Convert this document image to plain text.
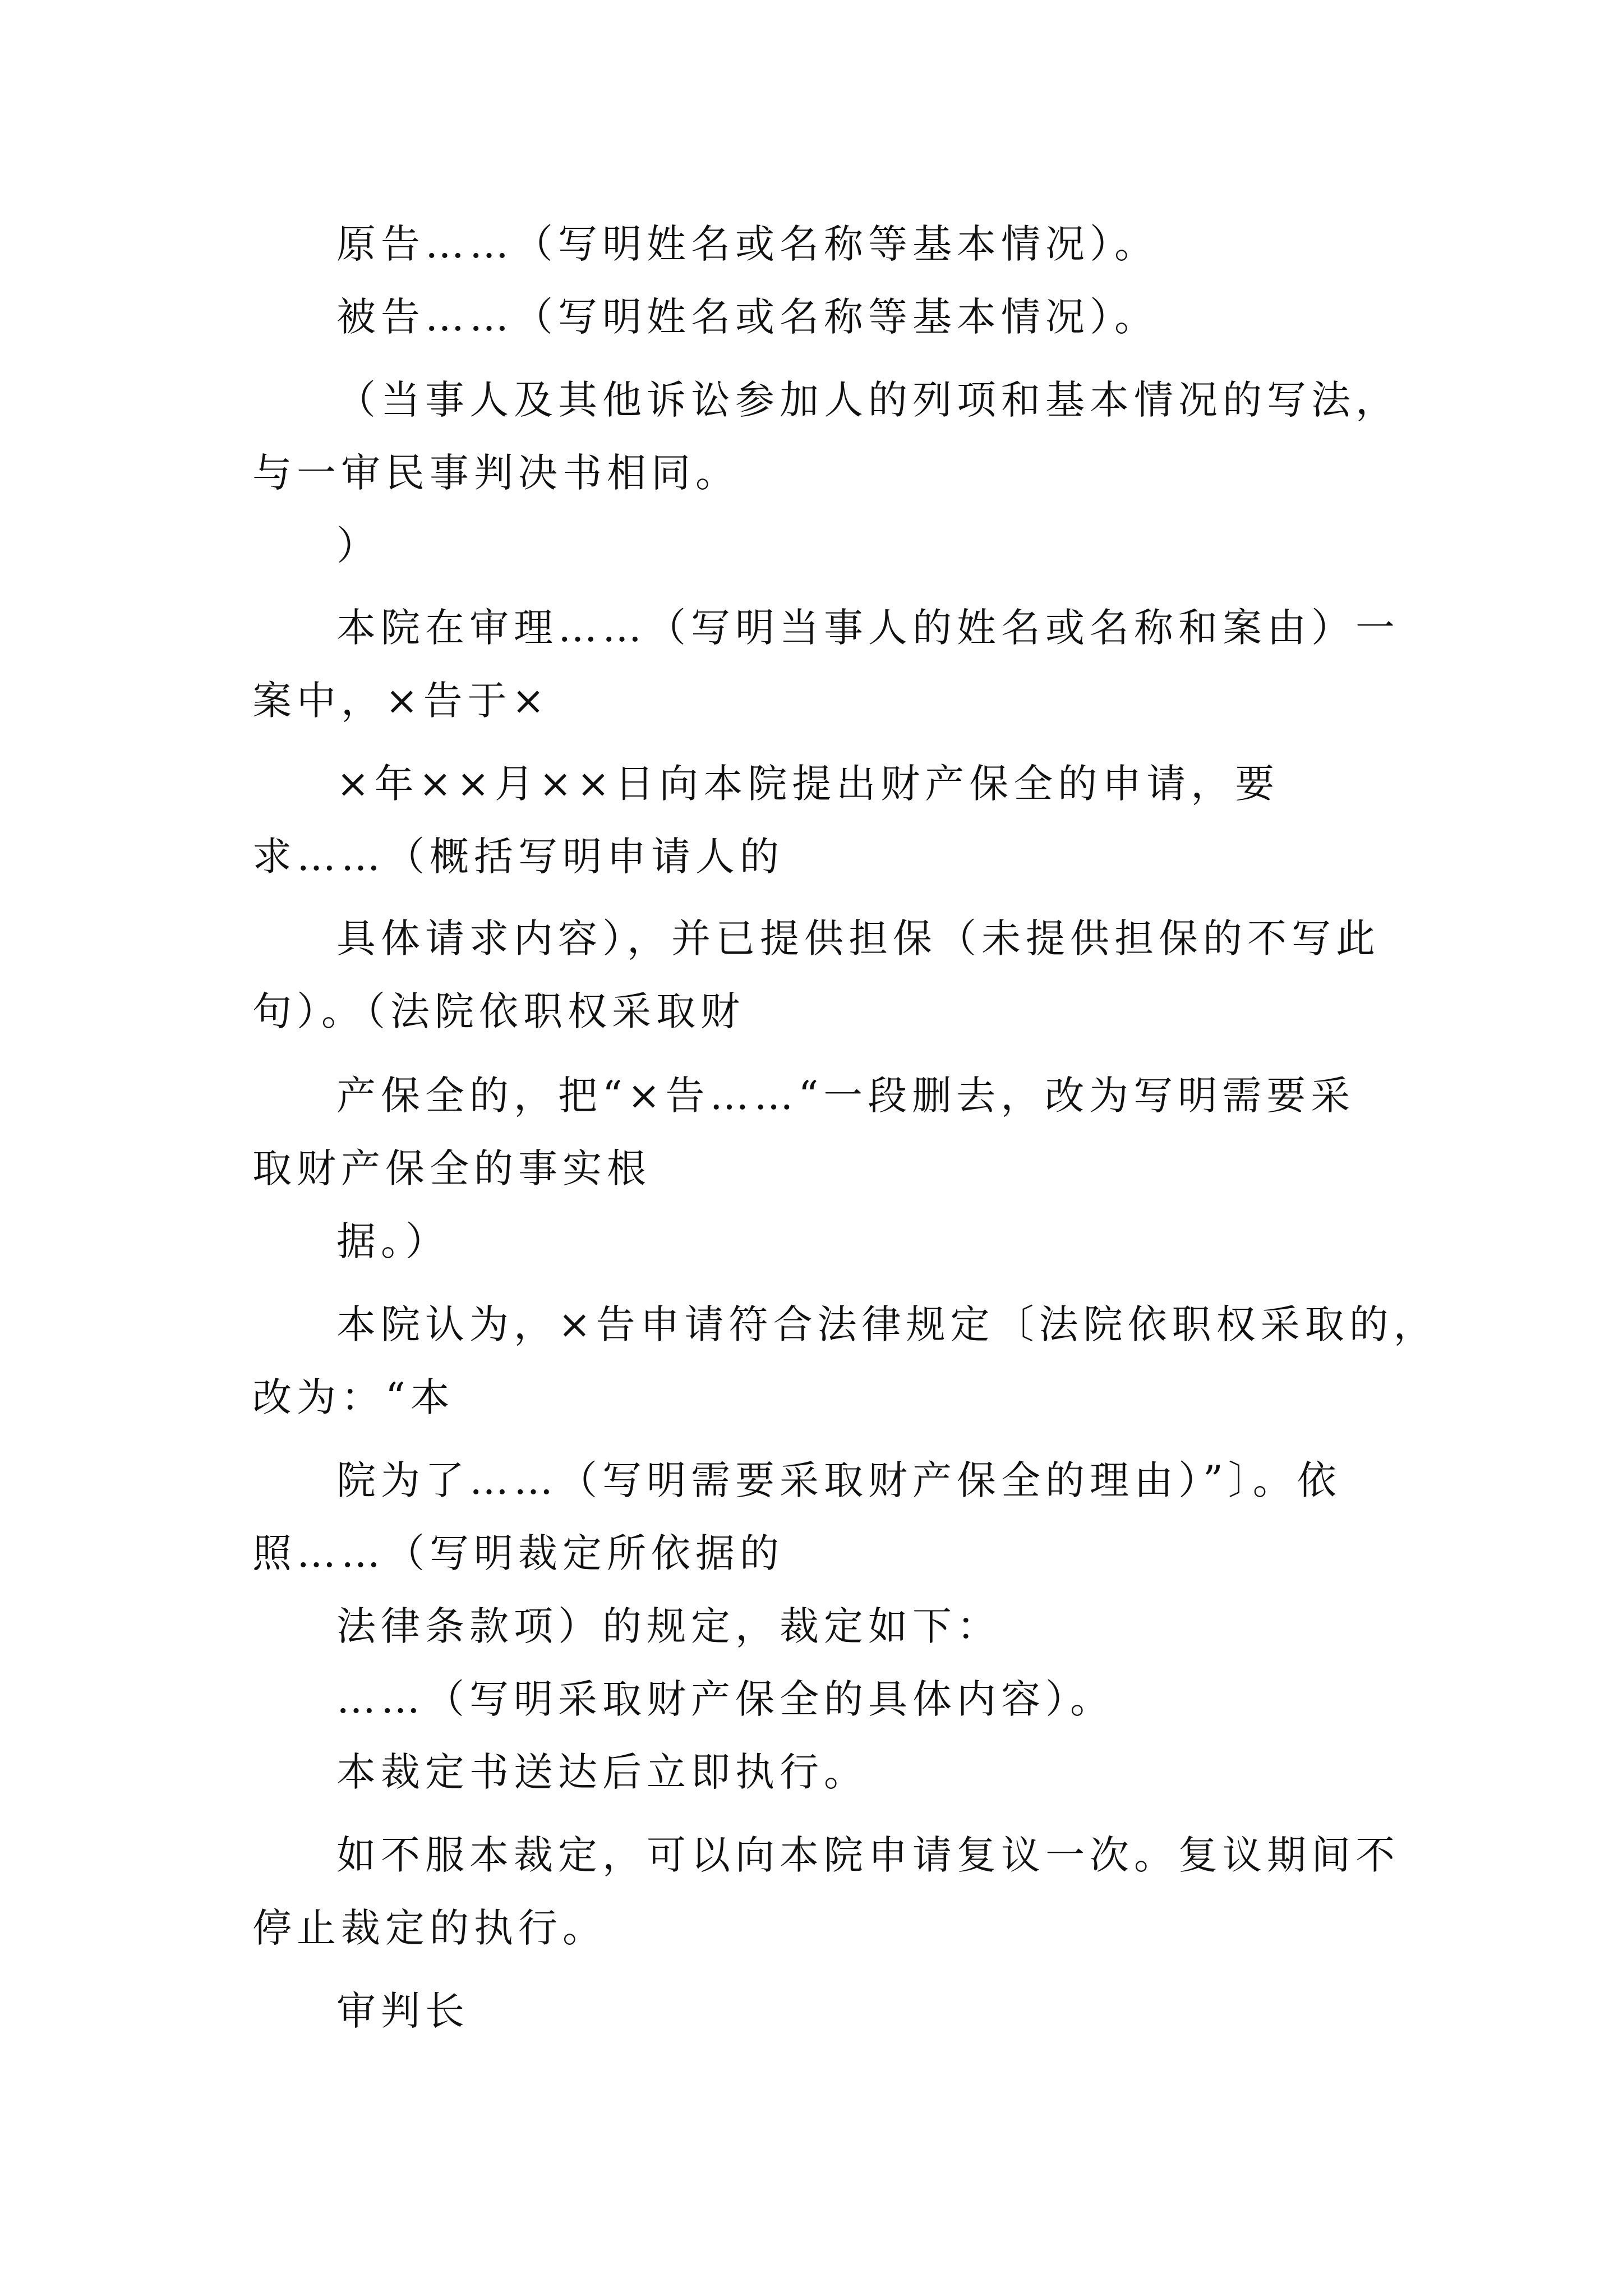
原告……（写明姓名或名称等基本情况）。

被告……（写明姓名或名称等基本情况）。

（当事人及其他诉讼参加人的列项和基本情况的写法，

与一审民事判决书相同。

）

本院在审理……（写明当事人的姓名或名称和案由）一

案中，×告于×

×年××月××日向本院提出财产保全的申请，要

求……（概括写明申请人的

具体请求内容），并已提供担保（未提供担保的不写此

句）。（法院依职权采取财

产保全的，把“×告……“一段删去，改为写明需要采

取财产保全的事实根

据。）

本院认为，×告申请符合法律规定〔法院依职权采取的，

改为：“本

院为了……（写明需要采取财产保全的理由）”〕。依

照……（写明裁定所依据的

法律条款项）的规定，裁定如下：

……（写明采取财产保全的具体内容）。

本裁定书送达后立即执行。

如不服本裁定，可以向本院申请复议一次。复议期间不

停止裁定的执行。

审判长
